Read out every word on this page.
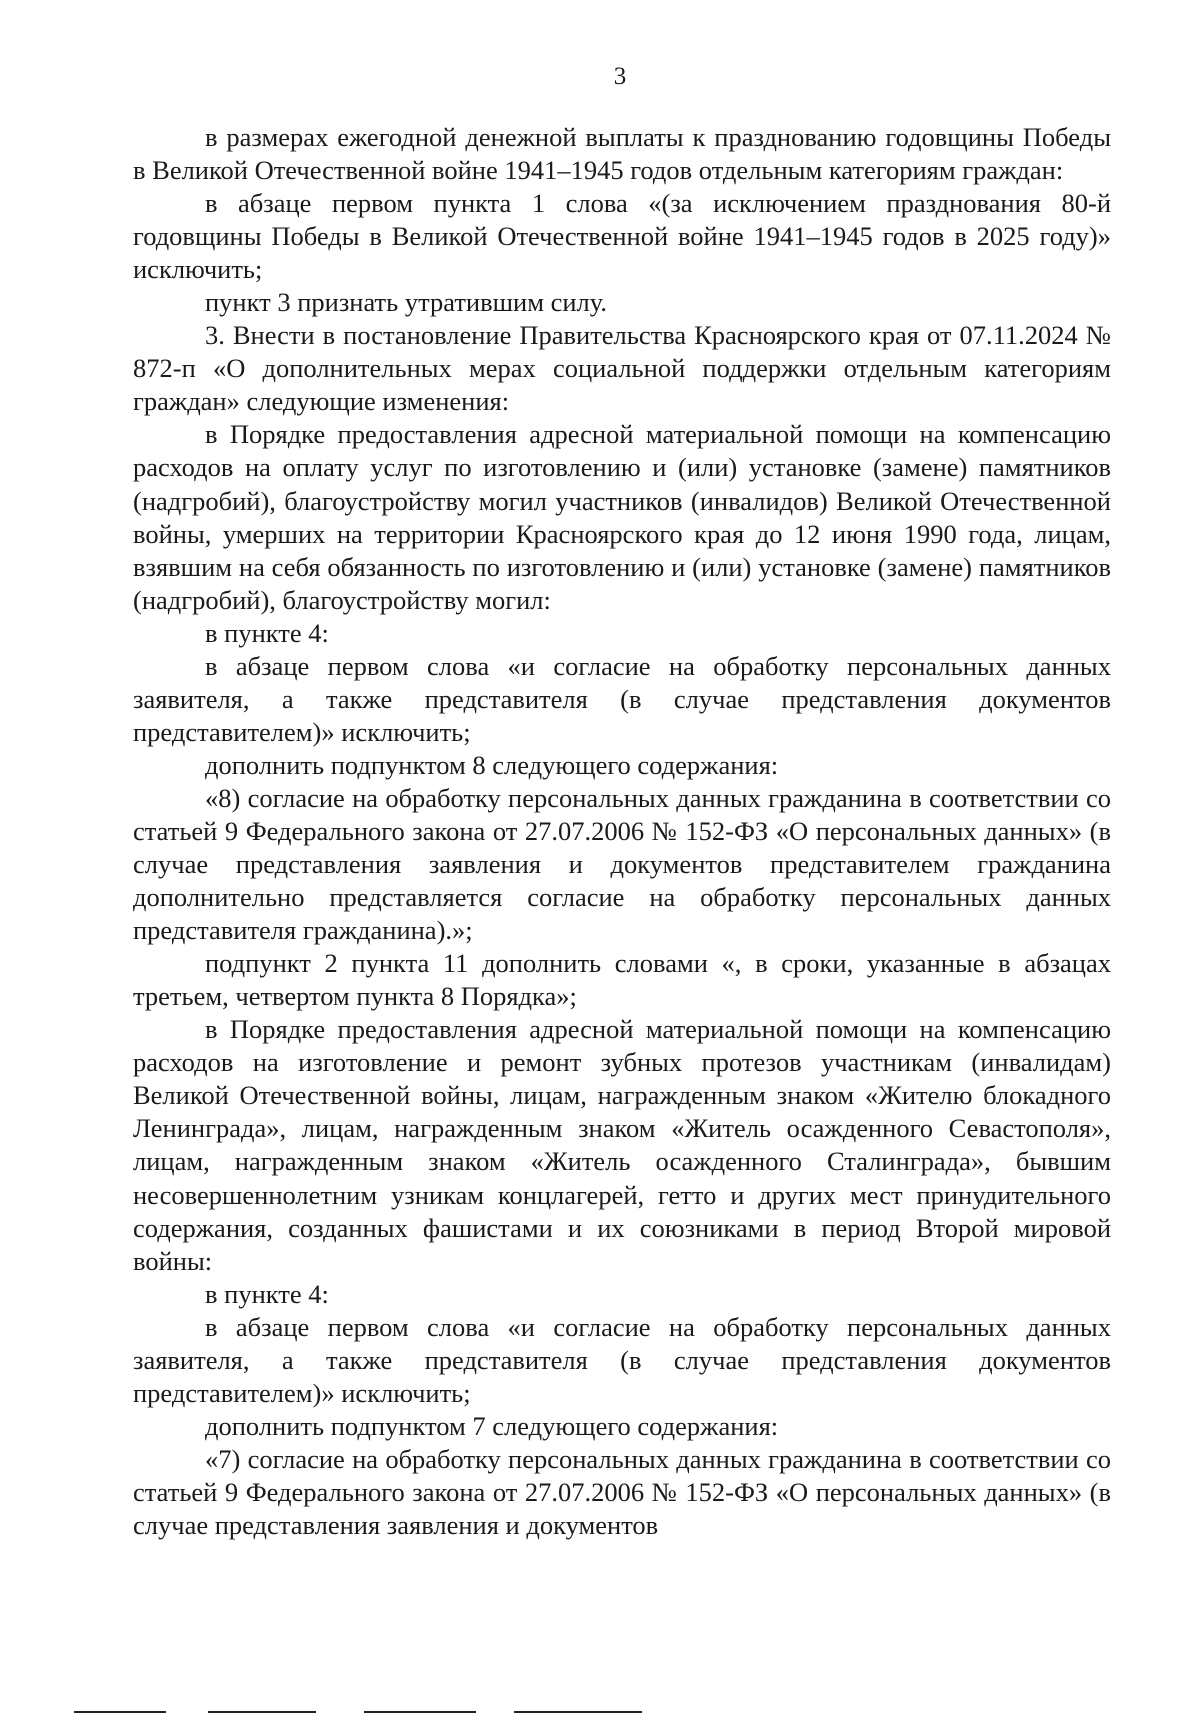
3

в размерах ежегодной денежной выплаты к празднованию годовщины Победы в Великой Отечественной войне 1941–1945 годов отдельным категориям граждан:

в абзаце первом пункта 1 слова «(за исключением празднования 80-й годовщины Победы в Великой Отечественной войне 1941–1945 годов в 2025 году)» исключить;

пункт 3 признать утратившим силу.

3. Внести в постановление Правительства Красноярского края от 07.11.2024 № 872-п «О дополнительных мерах социальной поддержки отдельным категориям граждан» следующие изменения:

в Порядке предоставления адресной материальной помощи на компенсацию расходов на оплату услуг по изготовлению и (или) установке (замене) памятников (надгробий), благоустройству могил участников (инвалидов) Великой Отечественной войны, умерших на территории Красноярского края до 12 июня 1990 года, лицам, взявшим на себя обязанность по изготовлению и (или) установке (замене) памятников (надгробий), благоустройству могил:

в пункте 4:

в абзаце первом слова «и согласие на обработку персональных данных заявителя, а также представителя (в случае представления документов представителем)» исключить;

дополнить подпунктом 8 следующего содержания:

«8) согласие на обработку персональных данных гражданина в соответствии со статьей 9 Федерального закона от 27.07.2006 № 152-ФЗ «О персональных данных» (в случае представления заявления и документов представителем гражданина дополнительно представляется согласие на обработку персональных данных представителя гражданина).»;

подпункт 2 пункта 11 дополнить словами «, в сроки, указанные в абзацах третьем, четвертом пункта 8 Порядка»;

в Порядке предоставления адресной материальной помощи на компенсацию расходов на изготовление и ремонт зубных протезов участникам (инвалидам) Великой Отечественной войны, лицам, награжденным знаком «Жителю блокадного Ленинграда», лицам, награжденным знаком «Житель осажденного Севастополя», лицам, награжденным знаком «Житель осажденного Сталинграда», бывшим несовершеннолетним узникам концлагерей, гетто и других мест принудительного содержания, созданных фашистами и их союзниками в период Второй мировой войны:

в пункте 4:

в абзаце первом слова «и согласие на обработку персональных данных заявителя, а также представителя (в случае представления документов представителем)» исключить;

дополнить подпунктом 7 следующего содержания:

«7) согласие на обработку персональных данных гражданина в соответствии со статьей 9 Федерального закона от 27.07.2006 № 152-ФЗ «О персональных данных» (в случае представления заявления и документов
